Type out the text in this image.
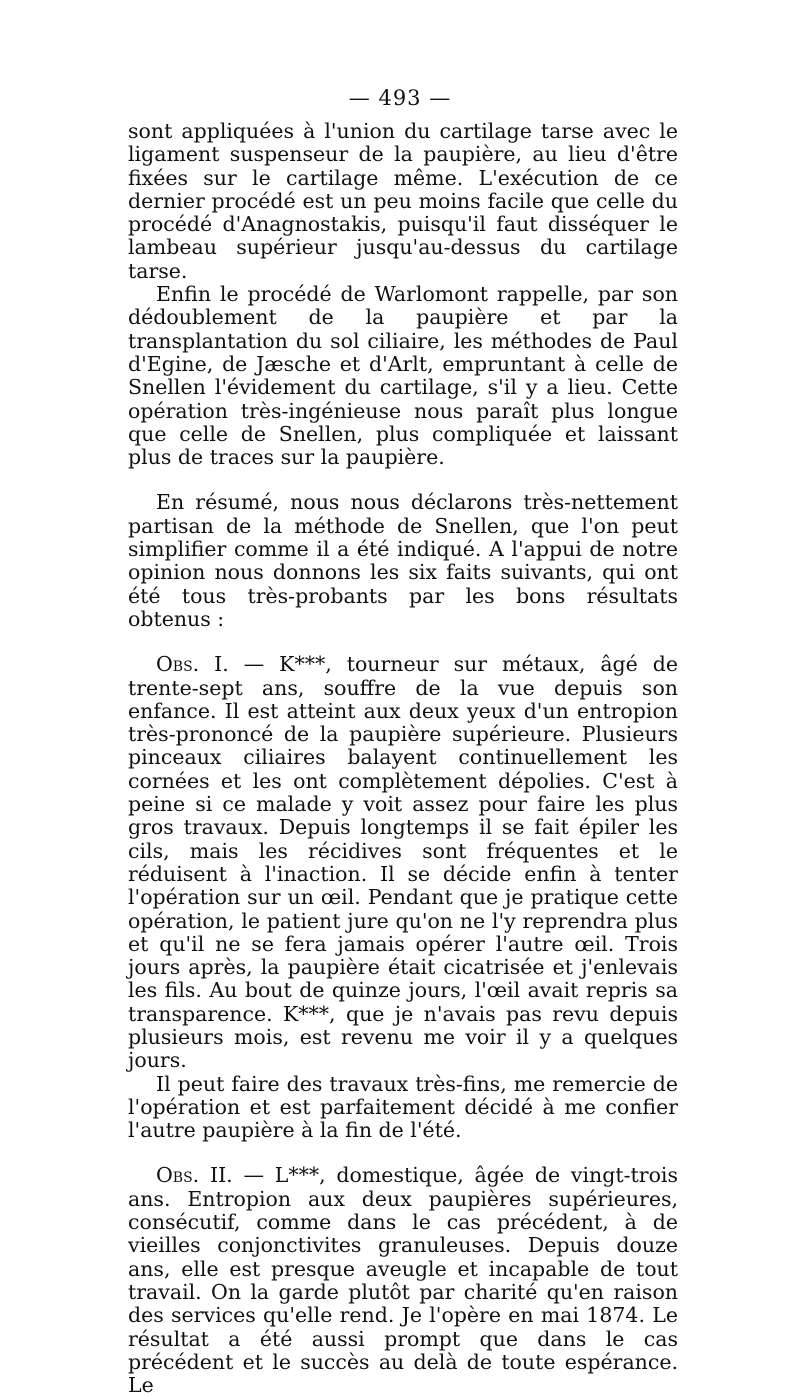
— 493 —

sont appliquées à l'union du cartilage tarse avec le ligament suspenseur de la paupière, au lieu d'être fixées sur le cartilage même. L'exécution de ce dernier procédé est un peu moins facile que celle du procédé d'Anagnostakis, puisqu'il faut disséquer le lambeau supérieur jusqu'au-dessus du cartilage tarse.

Enfin le procédé de Warlomont rappelle, par son dédoublement de la paupière et par la transplantation du sol ciliaire, les méthodes de Paul d'Egine, de Jæsche et d'Arlt, empruntant à celle de Snellen l'évidement du cartilage, s'il y a lieu. Cette opération très-ingénieuse nous paraît plus longue que celle de Snellen, plus compliquée et laissant plus de traces sur la paupière.

En résumé, nous nous déclarons très-nettement partisan de la méthode de Snellen, que l'on peut simplifier comme il a été indiqué. A l'appui de notre opinion nous donnons les six faits suivants, qui ont été tous très-probants par les bons résultats obtenus :

Obs. I. — K***, tourneur sur métaux, âgé de trente-sept ans, souffre de la vue depuis son enfance. Il est atteint aux deux yeux d'un entropion très-prononcé de la paupière supérieure. Plusieurs pinceaux ciliaires balayent continuellement les cornées et les ont complètement dépolies. C'est à peine si ce malade y voit assez pour faire les plus gros travaux. Depuis longtemps il se fait épiler les cils, mais les récidives sont fréquentes et le réduisent à l'inaction. Il se décide enfin à tenter l'opération sur un œil. Pendant que je pratique cette opération, le patient jure qu'on ne l'y reprendra plus et qu'il ne se fera jamais opérer l'autre œil. Trois jours après, la paupière était cicatrisée et j'enlevais les fils. Au bout de quinze jours, l'œil avait repris sa transparence. K***, que je n'avais pas revu depuis plusieurs mois, est revenu me voir il y a quelques jours.

Il peut faire des travaux très-fins, me remercie de l'opération et est parfaitement décidé à me confier l'autre paupière à la fin de l'été.

Obs. II. — L***, domestique, âgée de vingt-trois ans. Entropion aux deux paupières supérieures, consécutif, comme dans le cas précédent, à de vieilles conjonctivites granuleuses. Depuis douze ans, elle est presque aveugle et incapable de tout travail. On la garde plutôt par charité qu'en raison des services qu'elle rend. Je l'opère en mai 1874. Le résultat a été aussi prompt que dans le cas précédent et le succès au delà de toute espérance. Le
